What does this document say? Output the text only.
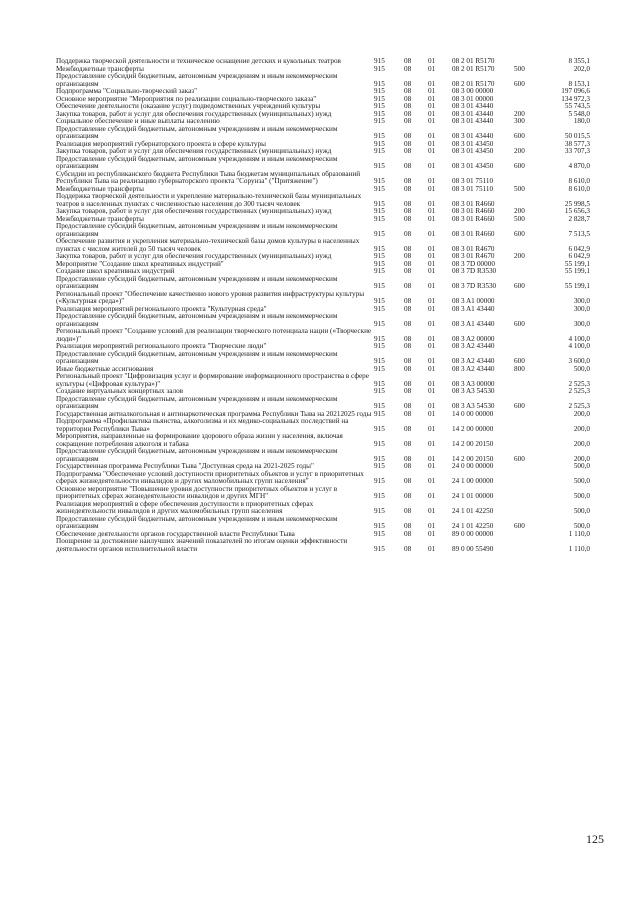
Поддержка творческой деятельности и техническое оснащение детских и кукольных театров	915	08	01	08 2 01 R5170		8 355,1
Межбюджетные трансферты	915	08	01	08 2 01 R5170	500	202,0
Предоставление субсидий бюджетным, автономным учреждениям и иным некоммерческим организациям	915	08	01	08 2 01 R5170	600	8 153,1
Подпрограмма "Социально-творческий заказ"	915	08	01	08 3 00 00000		197 096,6
Основное мероприятие "Мероприятия по реализации социально-творческого заказа"	915	08	01	08 3 01 00000		134 972,3
Обеспечение деятельности (оказание услуг) подведомственных учреждений культуры	915	08	01	08 3 01 43440		55 743,5
Закупка товаров, работ и услуг для обеспечения государственных (муниципальных) нужд	915	08	01	08 3 01 43440	200	5 548,0
Социальное обеспечение и иные выплаты населению	915	08	01	08 3 01 43440	300	180,0
Предоставление субсидий бюджетным, автономным учреждениям и иным некоммерческим организациям	915	08	01	08 3 01 43440	600	50 015,5
Реализация мероприятий губернаторского проекта в сфере культуры	915	08	01	08 3 01 43450		38 577,3
Закупка товаров, работ и услуг для обеспечения государственных (муниципальных) нужд	915	08	01	08 3 01 43450	200	33 707,3
Предоставление субсидий бюджетным, автономным учреждениям и иным некоммерческим организациям	915	08	01	08 3 01 43450	600	4 870,0
Субсидии из республиканского бюджета Республики Тыва бюджетам муниципальных образований Республики Тыва на реализацию губернаторского проекта "Сорунза" ("Притяжение")	915	08	01	08 3 01 75110		8 610,0
Межбюджетные трансферты	915	08	01	08 3 01 75110	500	8 610,0
Поддержка творческой деятельности и укрепление материально-технической базы муниципальных театров в населенных пунктах с численностью населения до 300 тысяч человек	915	08	01	08 3 01 R4660		25 998,5
Закупка товаров, работ и услуг для обеспечения государственных (муниципальных) нужд	915	08	01	08 3 01 R4660	200	15 656,3
Межбюджетные трансферты	915	08	01	08 3 01 R4660	500	2 828,7
Предоставление субсидий бюджетным, автономным учреждениям и иным некоммерческим организациям	915	08	01	08 3 01 R4660	600	7 513,5
Обеспечение развития и укрепления материально-технической базы домов культуры в населенных пунктах с числом жителей до 50 тысяч человек	915	08	01	08 3 01 R4670		6 042,9
Закупка товаров, работ и услуг для обеспечения государственных (муниципальных) нужд	915	08	01	08 3 01 R4670	200	6 042,9
Мероприятие "Создание школ креативных индустрий"	915	08	01	08 3 7D 00000		55 199,1
Создание школ креативных индустрий	915	08	01	08 3 7D R3530		55 199,1
Предоставление субсидий бюджетным, автономным учреждениям и иным некоммерческим организациям	915	08	01	08 3 7D R3530	600	55 199,1
Региональный проект "Обеспечение качественно нового уровня развития инфраструктуры культуры («Культурная среда»)"	915	08	01	08 3 A1 00000		300,0
Реализация мероприятий регионального проекта "Культурная среда"	915	08	01	08 3 A1 43440		300,0
Предоставление субсидий бюджетным, автономным учреждениям и иным некоммерческим организациям	915	08	01	08 3 A1 43440	600	300,0
Региональный проект "Создание условий для реализации творческого потенциала нации («Творческие люди»)"	915	08	01	08 3 A2 00000		4 100,0
Реализация мероприятий регионального проекта "Творческие люди"	915	08	01	08 3 A2 43440		4 100,0
Предоставление субсидий бюджетным, автономным учреждениям и иным некоммерческим организациям	915	08	01	08 3 A2 43440	600	3 600,0
Иные бюджетные ассигнования	915	08	01	08 3 A2 43440	800	500,0
Региональный проект "Цифровизация услуг и формирование информационного пространства в сфере культуры («Цифровая культура»)"	915	08	01	08 3 A3 00000		2 525,3
Создание виртуальных концертных залов	915	08	01	08 3 A3 54530		2 525,3
Предоставление субсидий бюджетным, автономным учреждениям и иным некоммерческим организациям	915	08	01	08 3 A3 54530	600	2 525,3
Государственная антиалкогольная и антинаркотическая программа Республики Тыва на 20212025 годы	915	08	01	14 0 00 00000		200,0
Подпрограмма «Профилактика пьянства, алкоголизма и их медико-социальных последствий на территории Республики Тыва»	915	08	01	14 2 00 00000		200,0
Мероприятия, направленные на формирование здорового образа жизни у населения, включая сокращение потребления алкоголя и табака	915	08	01	14 2 00 20150		200,0
Предоставление субсидий бюджетным, автономным учреждениям и иным некоммерческим организациям	915	08	01	14 2 00 20150	600	200,0
Государственная программа Республики Тыва "Доступная среда на 2021-2025 годы"	915	08	01	24 0 00 00000		500,0
Подпрограмма "Обеспечение условий доступности приоритетных объектов и услуг в приоритетных сферах жизнедеятельности инвалидов и других маломобильных групп населения"	915	08	01	24 1 00 00000		500,0
Основное мероприятие "Повышение уровня доступности приоритетных объектов и услуг в приоритетных сферах жизнедеятельности инвалидов и других МГН"	915	08	01	24 1 01 00000		500,0
Реализация мероприятий в сфере обеспечения доступности в приоритетных сферах жизнедеятельности инвалидов и других маломобильных групп населения	915	08	01	24 1 01 42250		500,0
Предоставление субсидий бюджетным, автономным учреждениям и иным некоммерческим организациям	915	08	01	24 1 01 42250	600	500,0
Обеспечение деятельности органов государственной власти Республики Тыва	915	08	01	89 0 00 00000		1 110,0
Поощрение за достижение наилучших значений показателей по итогам оценки эффективности деятельности органов исполнительной власти	915	08	01	89 0 00 55490		1 110,0
125
